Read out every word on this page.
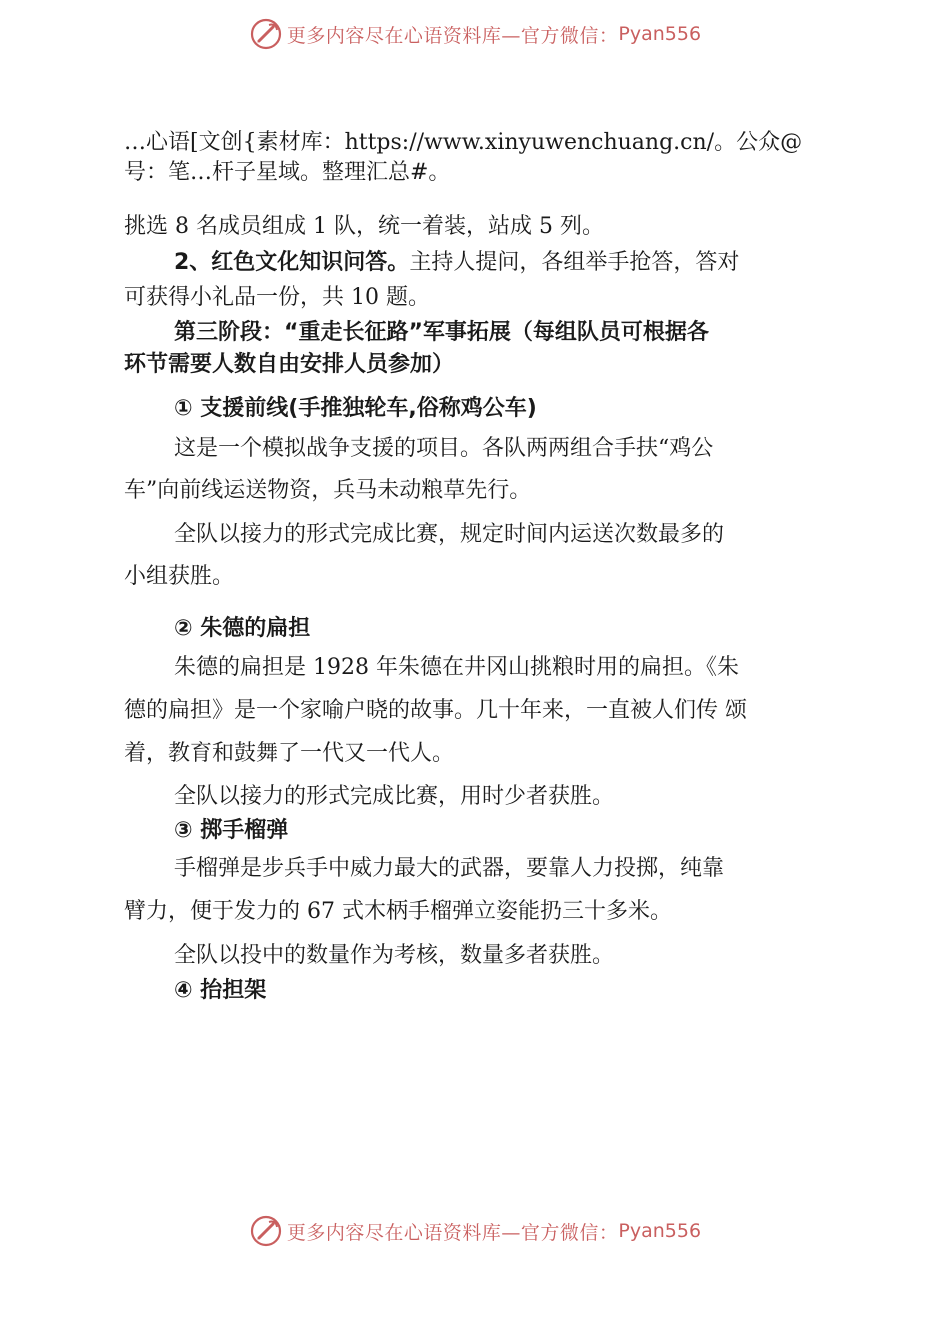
更多内容尽在心语资料库—官方微信： Pyan556
…心语[文创{素材库：https://www.xinyuwenchuang.cn/。公众@
号：笔…杆子星域。整理汇总#。
挑选 8 名成员组成 1 队，统一着装，站成 5 列。
2、红色文化知识问答。主持人提问，各组举手抢答，答对
可获得小礼品一份，共 10 题。
第三阶段：“重走长征路”军事拓展（每组队员可根据各
环节需要人数自由安排人员参加）
① 支援前线(手推独轮车,俗称鸡公车)
这是一个模拟战争支援的项目。各队两两组合手扶“鸡公
车”向前线运送物资，兵马未动粮草先行。
全队以接力的形式完成比赛，规定时间内运送次数最多的
小组获胜。
② 朱德的扁担
朱德的扁担是 1928 年朱德在井冈山挑粮时用的扁担。《朱
德的扁担》是一个家喻户晓的故事。几十年来，一直被人们传 颂
着，教育和鼓舞了一代又一代人。
全队以接力的形式完成比赛，用时少者获胜。
③ 掷手榴弹
手榴弹是步兵手中威力最大的武器，要靠人力投掷，纯靠
臂力，便于发力的 67 式木柄手榴弹立姿能扔三十多米。
全队以投中的数量作为考核，数量多者获胜。
④ 抬担架
更多内容尽在心语资料库—官方微信： Pyan556
